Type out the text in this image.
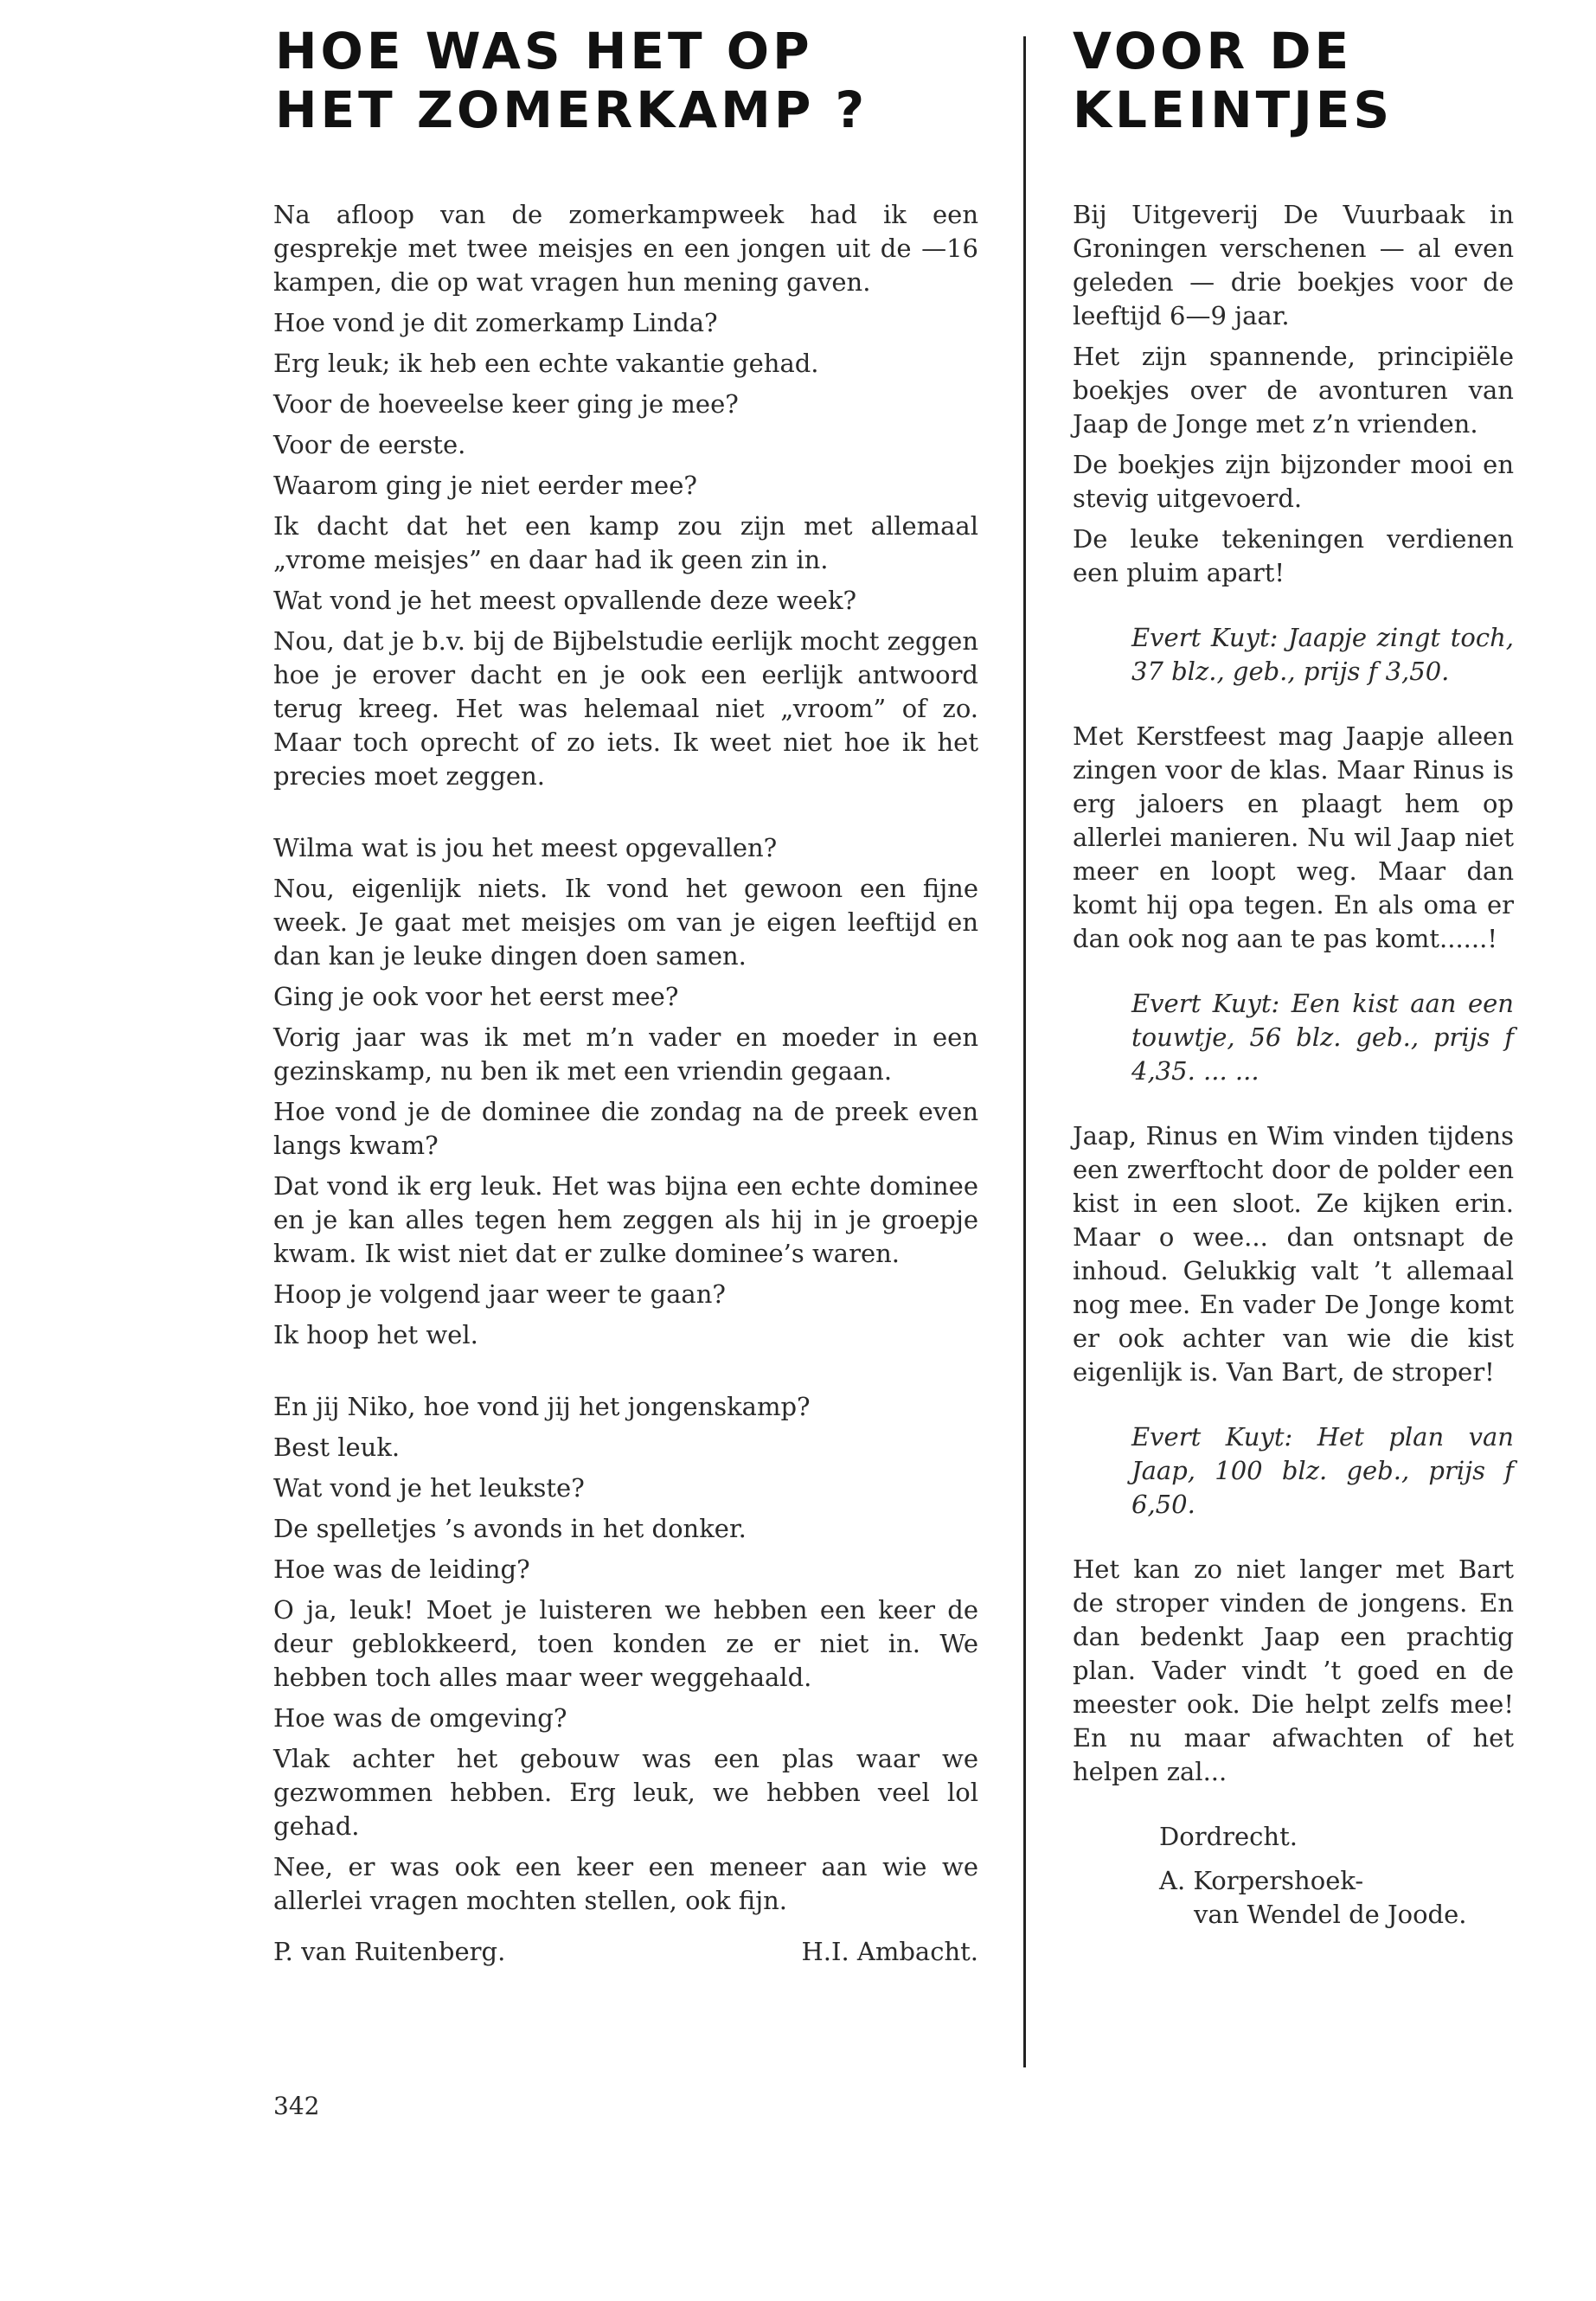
HOE WAS HET OP
HET ZOMERKAMP ?
VOOR DE
KLEINTJES

Na afloop van de zomerkampweek had ik een gesprekje met twee meisjes en een jongen uit de —16 kampen, die op wat vragen hun mening gaven.

Hoe vond je dit zomerkamp Linda?

Erg leuk; ik heb een echte vakantie gehad.

Voor de hoeveelse keer ging je mee?

Voor de eerste.

Waarom ging je niet eerder mee?

Ik dacht dat het een kamp zou zijn met allemaal „vrome meisjes” en daar had ik geen zin in.

Wat vond je het meest opvallende deze week?

Nou, dat je b.v. bij de Bijbelstudie eerlijk mocht zeggen hoe je erover dacht en je ook een eerlijk antwoord terug kreeg. Het was helemaal niet „vroom” of zo. Maar toch oprecht of zo iets. Ik weet niet hoe ik het precies moet zeggen.

Wilma wat is jou het meest opgevallen?

Nou, eigenlijk niets. Ik vond het gewoon een fijne week. Je gaat met meisjes om van je eigen leeftijd en dan kan je leuke dingen doen samen.

Ging je ook voor het eerst mee?

Vorig jaar was ik met m’n vader en moeder in een gezinskamp, nu ben ik met een vriendin gegaan.

Hoe vond je de dominee die zondag na de preek even langs kwam?

Dat vond ik erg leuk. Het was bijna een echte dominee en je kan alles tegen hem zeggen als hij in je groepje kwam. Ik wist niet dat er zulke dominee’s waren.

Hoop je volgend jaar weer te gaan?

Ik hoop het wel.

En jij Niko, hoe vond jij het jongenskamp?

Best leuk.

Wat vond je het leukste?

De spelletjes ’s avonds in het donker.

Hoe was de leiding?

O ja, leuk! Moet je luisteren we hebben een keer de deur geblokkeerd, toen konden ze er niet in. We hebben toch alles maar weer weggehaald.

Hoe was de omgeving?

Vlak achter het gebouw was een plas waar we gezwommen hebben. Erg leuk, we hebben veel lol gehad.

Nee, er was ook een keer een meneer aan wie we allerlei vragen mochten stellen, ook fijn.

P. van Ruitenberg.	H.I. Ambacht.

Bij Uitgeverij De Vuurbaak in Groningen verschenen — al even geleden — drie boekjes voor de leeftijd 6—9 jaar.

Het zijn spannende, principiële boekjes over de avonturen van Jaap de Jonge met z’n vrienden.

De boekjes zijn bijzonder mooi en stevig uitgevoerd.

De leuke tekeningen verdienen een pluim apart!

Evert Kuyt: Jaapje zingt toch, 37 blz., geb., prijs f 3,50.

Met Kerstfeest mag Jaapje alleen zingen voor de klas. Maar Rinus is erg jaloers en plaagt hem op allerlei manieren. Nu wil Jaap niet meer en loopt weg. Maar dan komt hij opa tegen. En als oma er dan ook nog aan te pas komt......!

Evert Kuyt: Een kist aan een touwtje, 56 blz. geb., prijs f 4,35. ... ...

Jaap, Rinus en Wim vinden tijdens een zwerftocht door de polder een kist in een sloot. Ze kijken erin. Maar o wee... dan ontsnapt de inhoud. Gelukkig valt ’t allemaal nog mee. En vader De Jonge komt er ook achter van wie die kist eigenlijk is. Van Bart, de stroper!

Evert Kuyt: Het plan van Jaap, 100 blz. geb., prijs f 6,50.

Het kan zo niet langer met Bart de stroper vinden de jongens. En dan bedenkt Jaap een prachtig plan. Vader vindt ’t goed en de meester ook. Die helpt zelfs mee! En nu maar afwachten of het helpen zal...

Dordrecht.
A. Korpershoek-
van Wendel de Joode.
342
